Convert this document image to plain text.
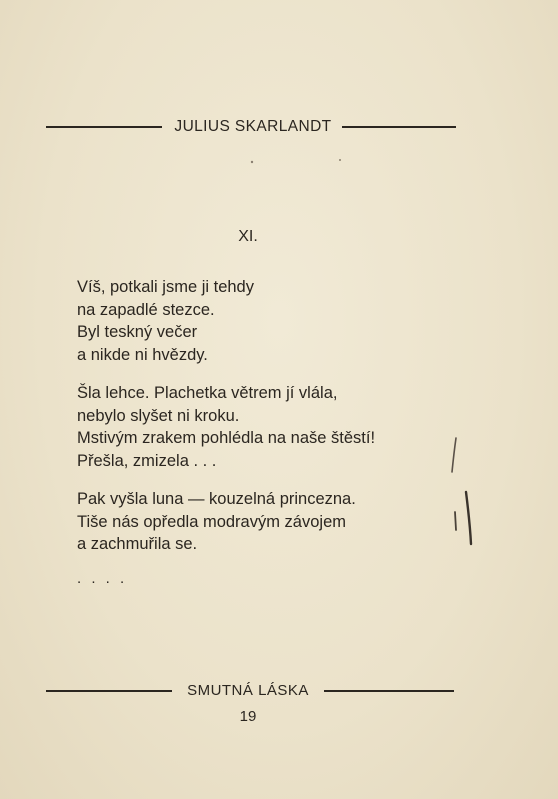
JULIUS SKARLANDT
XI.
Víš, potkali jsme ji tehdy
na zapadlé stezce.
Byl teskný večer
a nikde ni hvězdy.
Šla lehce. Plachetka větrem jí vlála,
nebylo slyšet ni kroku.
Mstivým zrakem pohlédla na naše štěstí!
Přešla, zmizela . . .
Pak vyšla luna — kouzelná princezna.
Tiše nás opředla modravým závojem
a zachmuřila se.
. . . .
SMUTNÁ LÁSKA
19
